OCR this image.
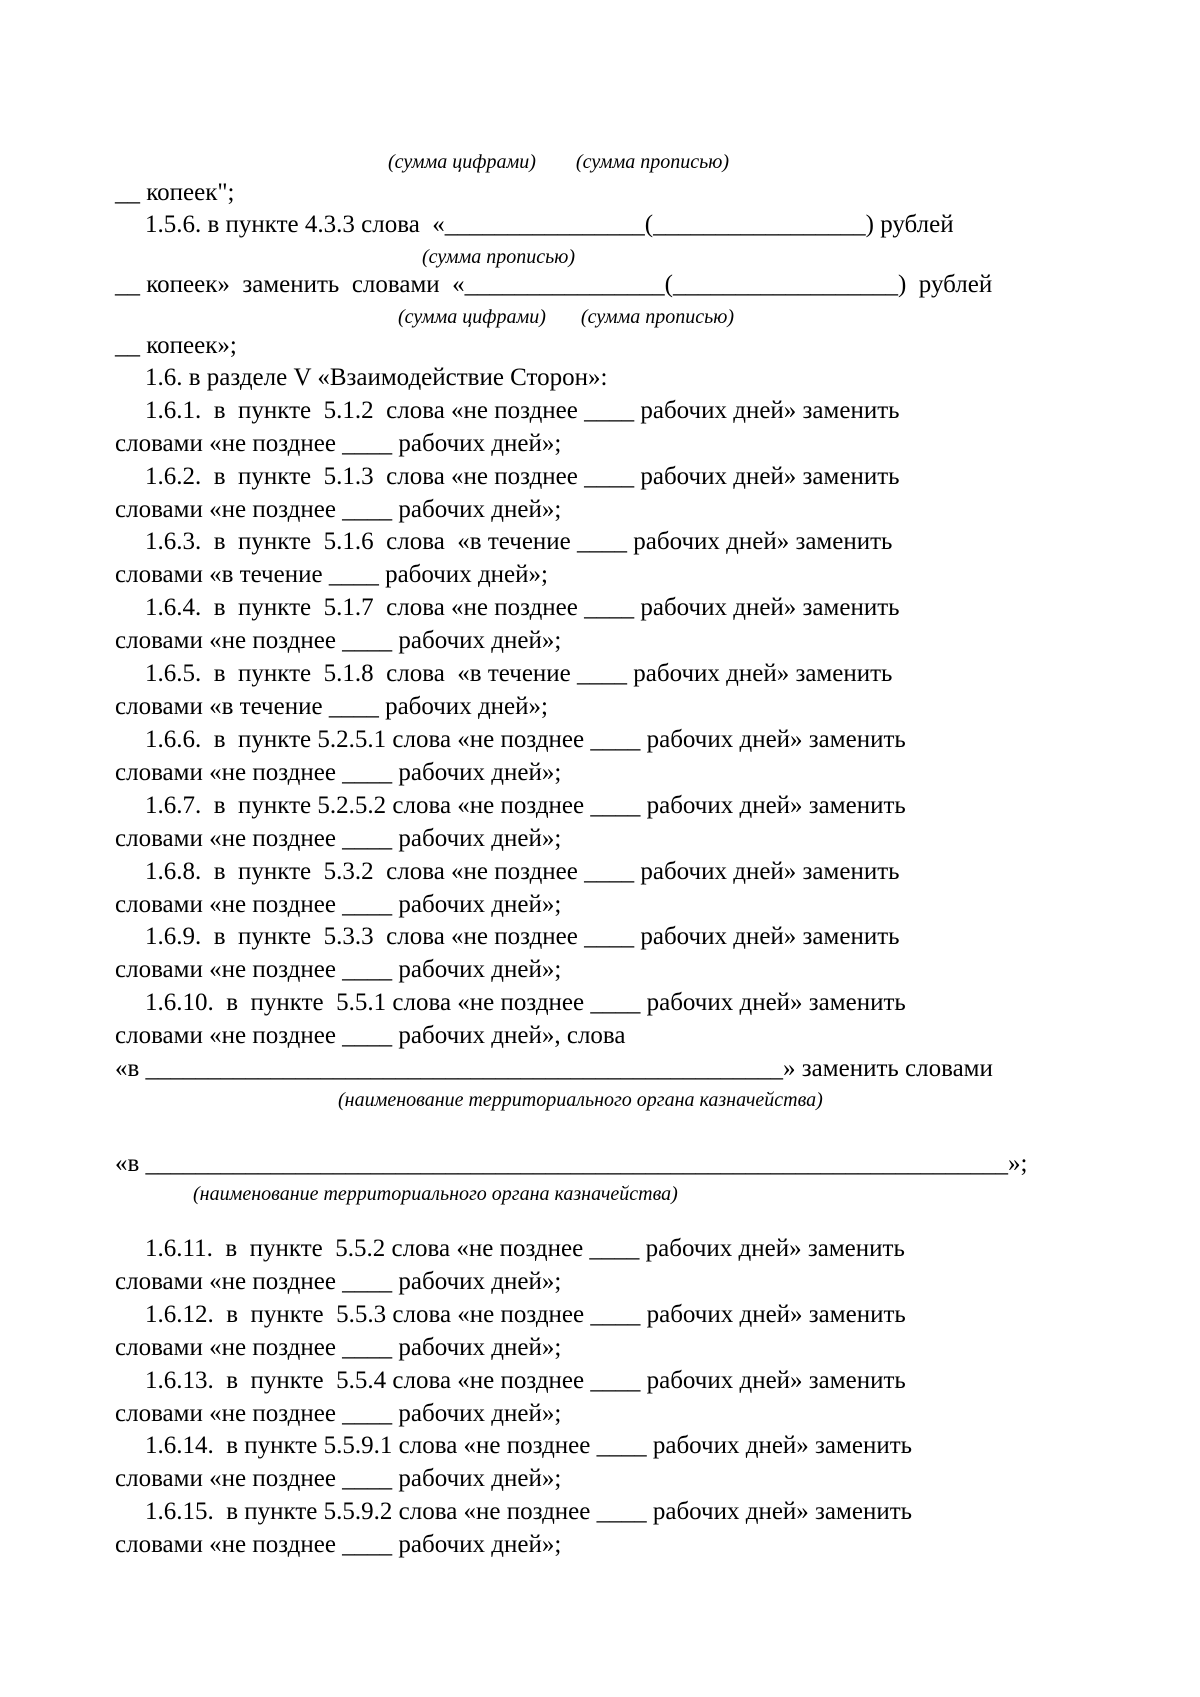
(сумма цифрами)        (сумма прописью)
__ копеек";
1.5.6. в пункте 4.3.3 слова  «________________(_________________) рублей
(сумма прописью)
__ копеек»  заменить  словами  «________________(__________________)  рублей
(сумма цифрами)       (сумма прописью)
__ копеек»;
1.6. в разделе V «Взаимодействие Сторон»:
1.6.1.  в  пункте  5.1.2  слова «не позднее ____ рабочих дней» заменить
словами «не позднее ____ рабочих дней»;
1.6.2.  в  пункте  5.1.3  слова «не позднее ____ рабочих дней» заменить
словами «не позднее ____ рабочих дней»;
1.6.3.  в  пункте  5.1.6  слова  «в течение ____ рабочих дней» заменить
словами «в течение ____ рабочих дней»;
1.6.4.  в  пункте  5.1.7  слова «не позднее ____ рабочих дней» заменить
словами «не позднее ____ рабочих дней»;
1.6.5.  в  пункте  5.1.8  слова  «в течение ____ рабочих дней» заменить
словами «в течение ____ рабочих дней»;
1.6.6.  в  пункте 5.2.5.1 слова «не позднее ____ рабочих дней» заменить
словами «не позднее ____ рабочих дней»;
1.6.7.  в  пункте 5.2.5.2 слова «не позднее ____ рабочих дней» заменить
словами «не позднее ____ рабочих дней»;
1.6.8.  в  пункте  5.3.2  слова «не позднее ____ рабочих дней» заменить
словами «не позднее ____ рабочих дней»;
1.6.9.  в  пункте  5.3.3  слова «не позднее ____ рабочих дней» заменить
словами «не позднее ____ рабочих дней»;
1.6.10.  в  пункте  5.5.1 слова «не позднее ____ рабочих дней» заменить
словами «не позднее ____ рабочих дней», слова
«в ___________________________________________________» заменить словами
(наименование территориального органа казначейства)
«в _____________________________________________________________________»;
(наименование территориального органа казначейства)
1.6.11.  в  пункте  5.5.2 слова «не позднее ____ рабочих дней» заменить
словами «не позднее ____ рабочих дней»;
1.6.12.  в  пункте  5.5.3 слова «не позднее ____ рабочих дней» заменить
словами «не позднее ____ рабочих дней»;
1.6.13.  в  пункте  5.5.4 слова «не позднее ____ рабочих дней» заменить
словами «не позднее ____ рабочих дней»;
1.6.14.  в пункте 5.5.9.1 слова «не позднее ____ рабочих дней» заменить
словами «не позднее ____ рабочих дней»;
1.6.15.  в пункте 5.5.9.2 слова «не позднее ____ рабочих дней» заменить
словами «не позднее ____ рабочих дней»;
